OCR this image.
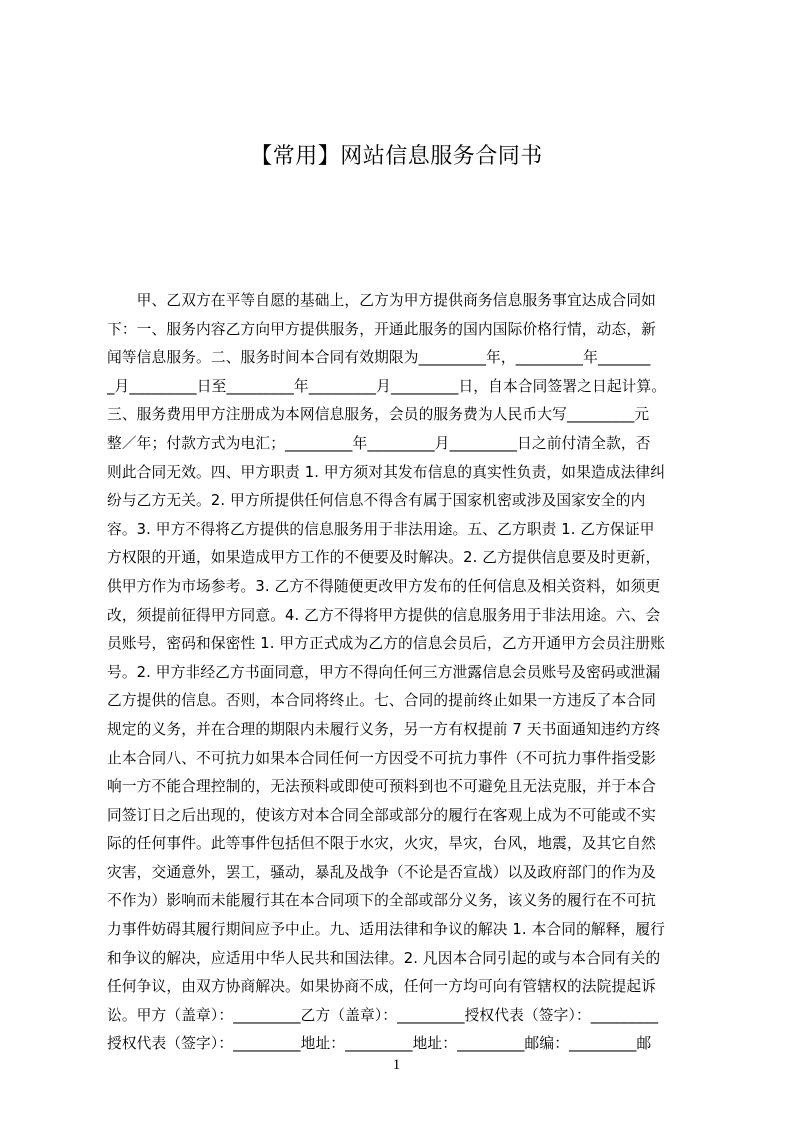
【常用】网站信息服务合同书
　　甲、乙双方在平等自愿的基础上，乙方为甲方提供商务信息服务事宜达成合同如
下：一、服务内容乙方向甲方提供服务，开通此服务的国内国际价格行情，动态，新
闻等信息服务。二、服务时间本合同有效期限为_________年，_________年_______
_月_________日至_________年_________月_________日，自本合同签署之日起计算。
三、服务费用甲方注册成为本网信息服务，会员的服务费为人民币大写_________元
整／年；付款方式为电汇；_________年_________月_________日之前付清全款，否
则此合同无效。四、甲方职责 1. 甲方须对其发布信息的真实性负责，如果造成法律纠
纷与乙方无关。2. 甲方所提供任何信息不得含有属于国家机密或涉及国家安全的内
容。3. 甲方不得将乙方提供的信息服务用于非法用途。五、乙方职责 1. 乙方保证甲
方权限的开通，如果造成甲方工作的不便要及时解决。2. 乙方提供信息要及时更新，
供甲方作为市场参考。3. 乙方不得随便更改甲方发布的任何信息及相关资料，如须更
改，须提前征得甲方同意。4. 乙方不得将甲方提供的信息服务用于非法用途。六、会
员账号，密码和保密性 1. 甲方正式成为乙方的信息会员后，乙方开通甲方会员注册账
号。2. 甲方非经乙方书面同意，甲方不得向任何三方泄露信息会员账号及密码或泄漏
乙方提供的信息。否则，本合同将终止。七、合同的提前终止如果一方违反了本合同
规定的义务，并在合理的期限内未履行义务，另一方有权提前 7 天书面通知违约方终
止本合同八、不可抗力如果本合同任何一方因受不可抗力事件（不可抗力事件指受影
响一方不能合理控制的，无法预料或即使可预料到也不可避免且无法克服，并于本合
同签订日之后出现的，使该方对本合同全部或部分的履行在客观上成为不可能或不实
际的任何事件。此等事件包括但不限于水灾，火灾，旱灾，台风，地震，及其它自然
灾害，交通意外，罢工，骚动，暴乱及战争（不论是否宣战）以及政府部门的作为及
不作为）影响而未能履行其在本合同项下的全部或部分义务，该义务的履行在不可抗
力事件妨碍其履行期间应予中止。九、适用法律和争议的解决 1. 本合同的解释，履行
和争议的解决，应适用中华人民共和国法律。2. 凡因本合同引起的或与本合同有关的
任何争议，由双方协商解决。如果协商不成，任何一方均可向有管辖权的法院提起诉
讼。甲方（盖章）：_________乙方（盖章）：_________授权代表（签字）：_________
授权代表（签字）：_________地址：_________地址：_________邮编：_________邮
1
